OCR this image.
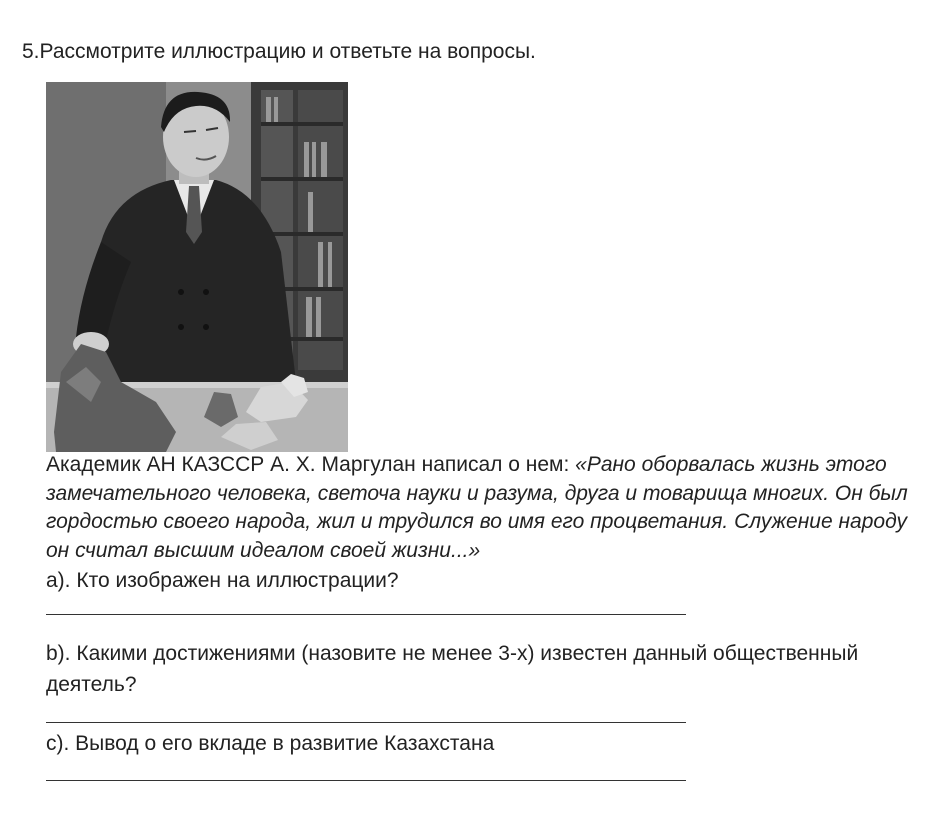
5.Рассмотрите иллюстрацию и ответьте на вопросы.
Академик АН КАЗССР А. Х. Маргулан написал о нем: «Рано оборвалась жизнь этого замечательного человека, светоча науки и разума, друга и товарища многих. Он был гордостью своего народа, жил и трудился во имя его процветания. Служение народу он считал высшим идеалом своей жизни...»
а). Кто изображен на иллюстрации?
b). Какими достижениями (назовите не менее 3-х) известен данный общественный деятель?
с). Вывод о его вкладе в развитие Казахстана
